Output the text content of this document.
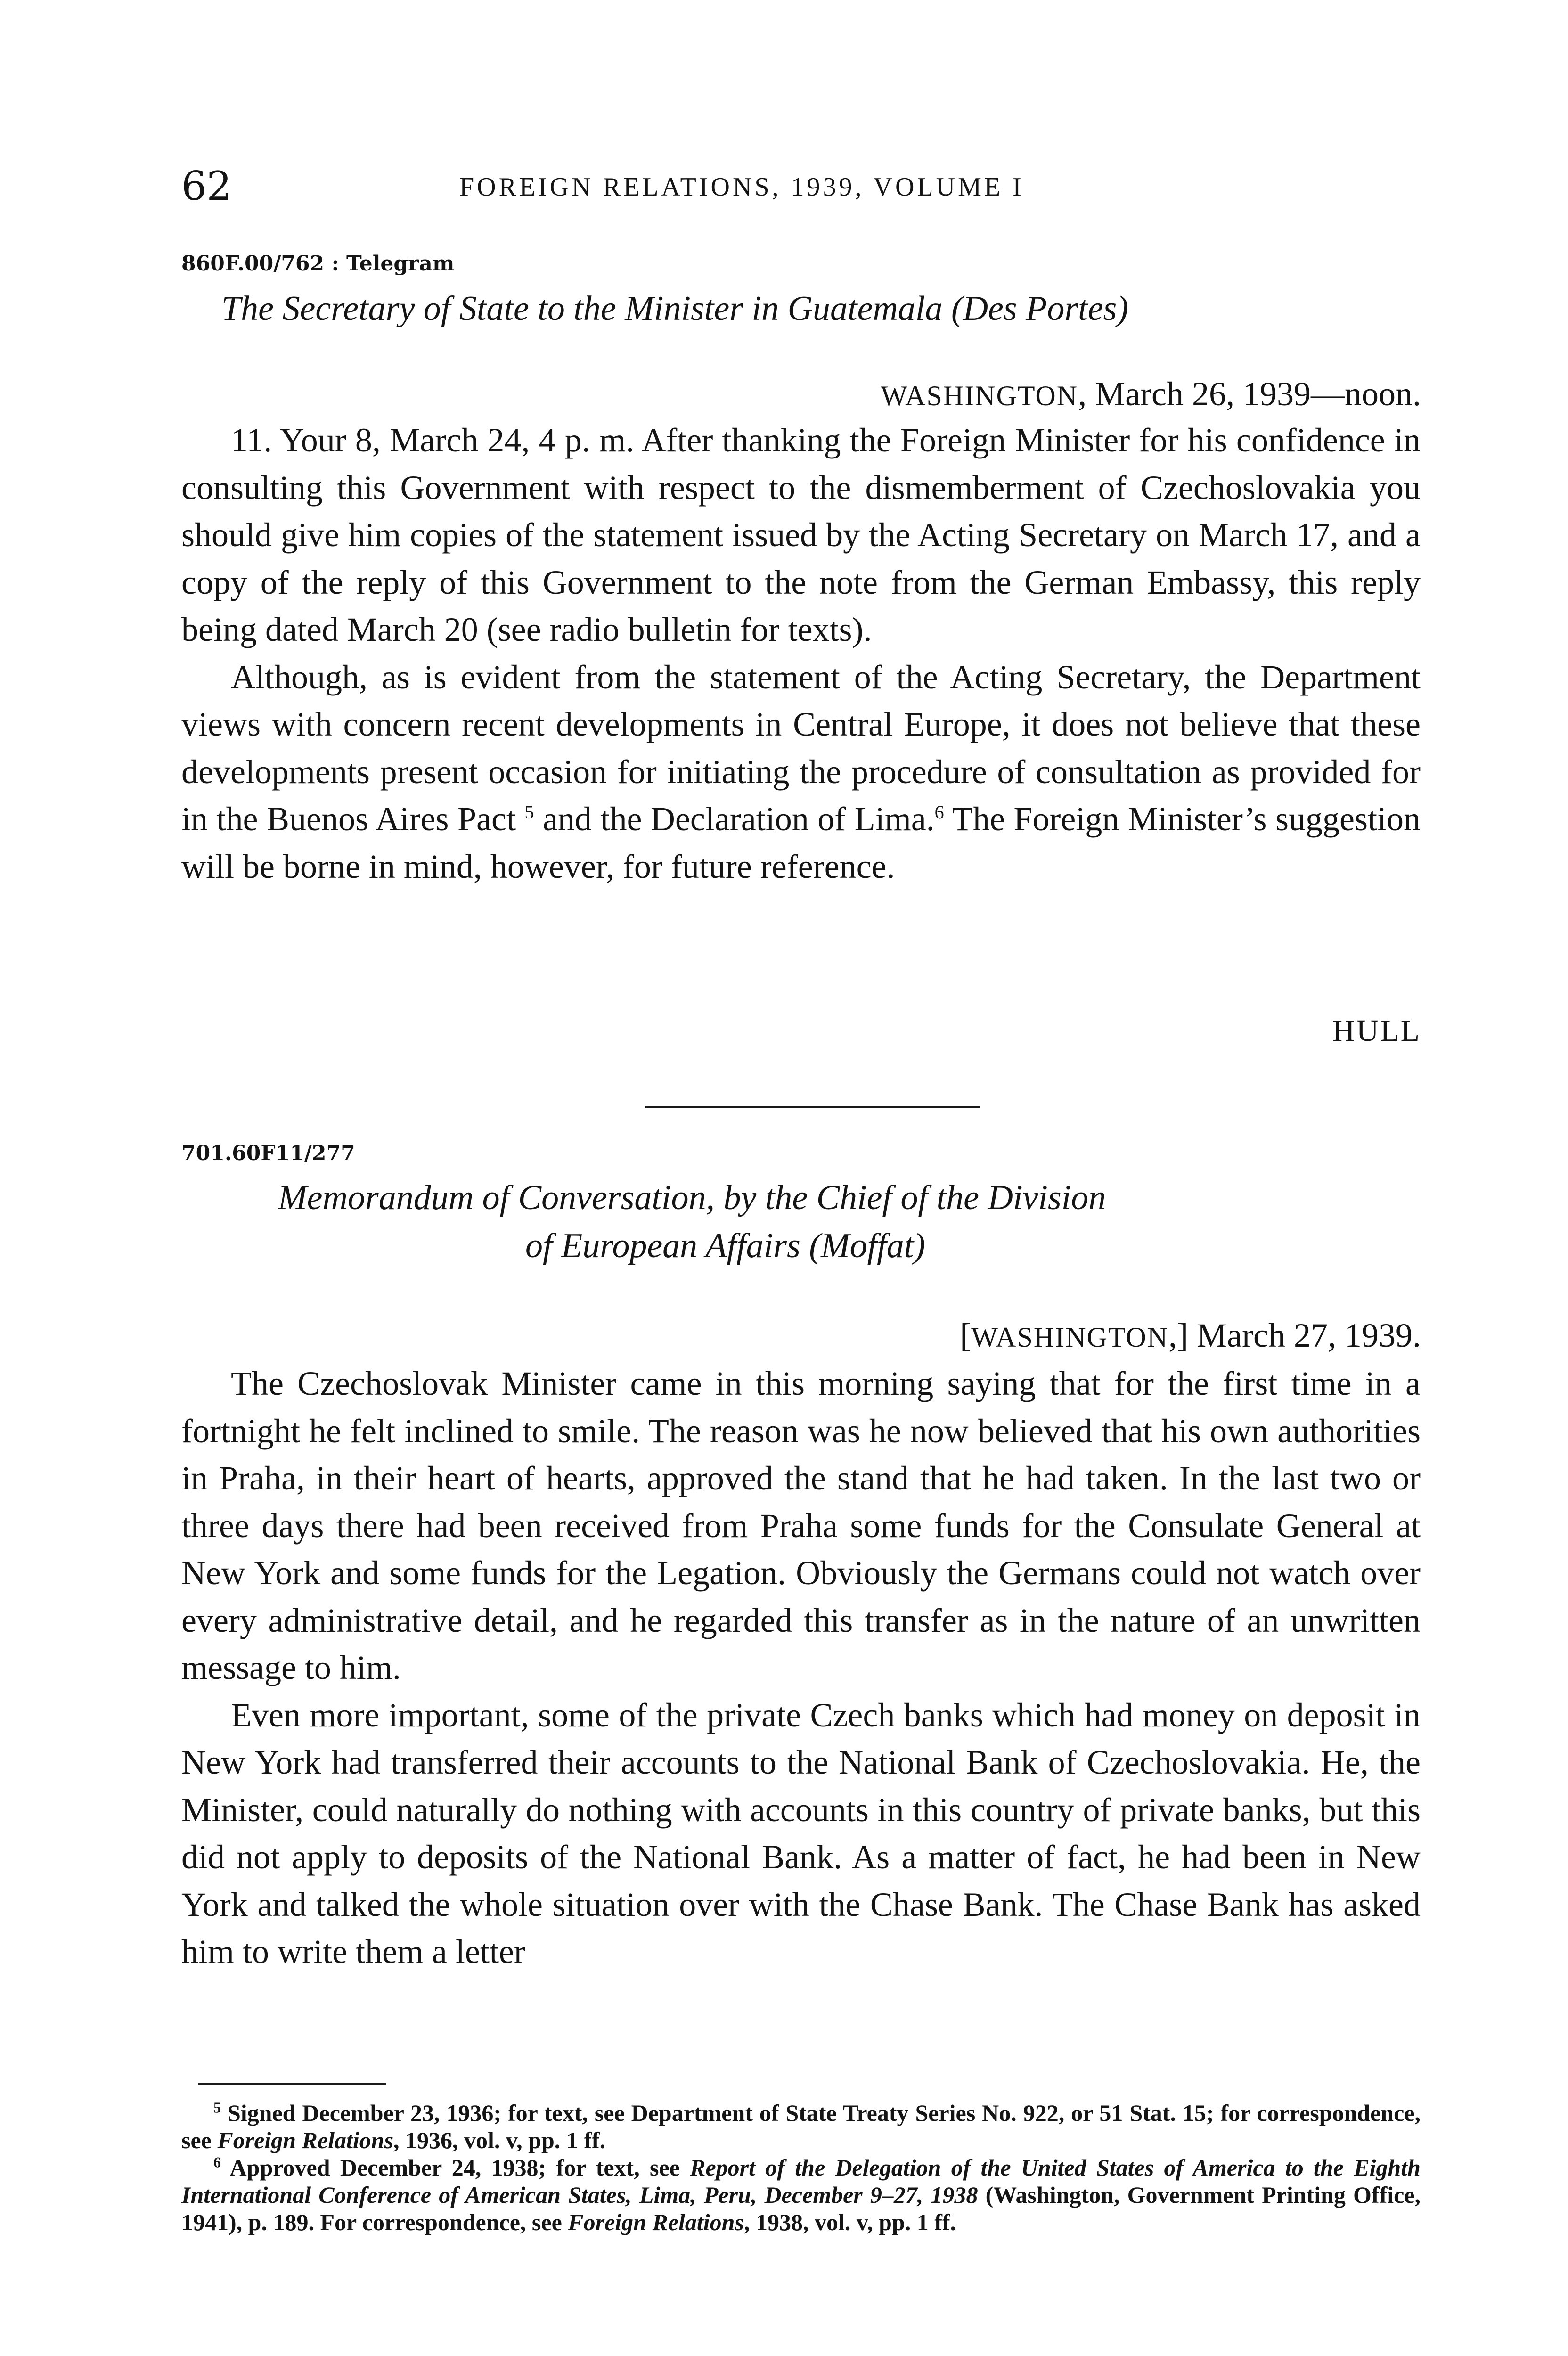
62	FOREIGN RELATIONS, 1939, VOLUME I
860F.00/762 : Telegram
The Secretary of State to the Minister in Guatemala (Des Portes)
WASHINGTON, March 26, 1939—noon.

11. Your 8, March 24, 4 p. m. After thanking the Foreign Minister for his confidence in consulting this Government with respect to the dismemberment of Czechoslovakia you should give him copies of the statement issued by the Acting Secretary on March 17, and a copy of the reply of this Government to the note from the German Embassy, this reply being dated March 20 (see radio bulletin for texts).

Although, as is evident from the statement of the Acting Secretary, the Department views with concern recent developments in Central Europe, it does not believe that these developments present occasion for initiating the procedure of consultation as provided for in the Buenos Aires Pact $^5$ and the Declaration of Lima.$^6$ The Foreign Minister’s suggestion will be borne in mind, however, for future reference.

HULL
701.60F11/277
Memorandum of Conversation, by the Chief of the Division
of European Affairs (Moffat)
[WASHINGTON,] March 27, 1939.

The Czechoslovak Minister came in this morning saying that for the first time in a fortnight he felt inclined to smile. The reason was he now believed that his own authorities in Praha, in their heart of hearts, approved the stand that he had taken. In the last two or three days there had been received from Praha some funds for the Consulate General at New York and some funds for the Legation. Obviously the Germans could not watch over every administrative detail, and he regarded this transfer as in the nature of an unwritten message to him.

Even more important, some of the private Czech banks which had money on deposit in New York had transferred their accounts to the National Bank of Czechoslovakia. He, the Minister, could naturally do nothing with accounts in this country of private banks, but this did not apply to deposits of the National Bank. As a matter of fact, he had been in New York and talked the whole situation over with the Chase Bank. The Chase Bank has asked him to write them a letter

$^5$ Signed December 23, 1936; for text, see Department of State Treaty Series No. 922, or 51 Stat. 15; for correspondence, see Foreign Relations, 1936, vol. v, pp. 1 ff.

$^6$ Approved December 24, 1938; for text, see Report of the Delegation of the United States of America to the Eighth International Conference of American States, Lima, Peru, December 9–27, 1938 (Washington, Government Printing Office, 1941), p. 189. For correspondence, see Foreign Relations, 1938, vol. v, pp. 1 ff.
